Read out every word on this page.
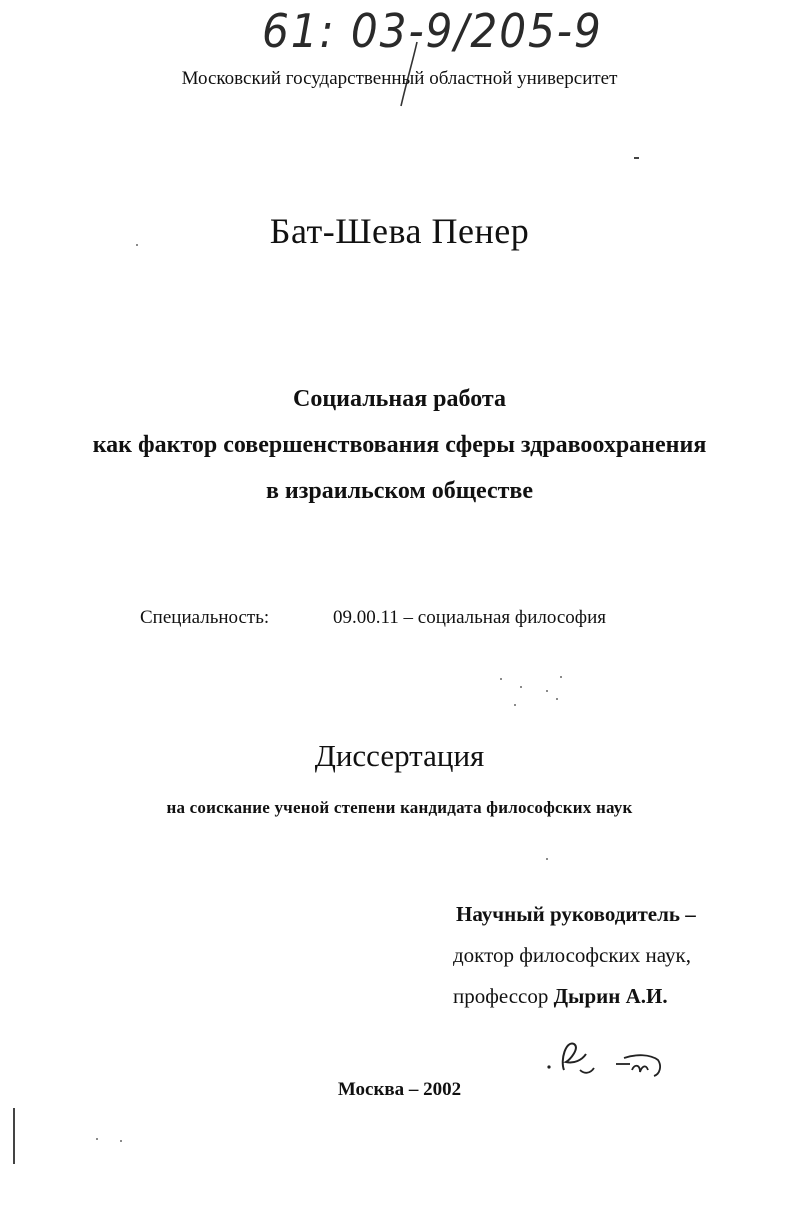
61: 03-9/205-9
Московский государственный областной университет
Бат-Шева Пенер
Социальная работа
как фактор совершенствования сферы здравоохранения
в израильском обществе
Специальность:	09.00.11 – социальная философия
Диссертация
на соискание ученой степени кандидата философских наук
Научный руководитель –
доктор философских наук,
профессор Дырин А.И.
Москва – 2002
